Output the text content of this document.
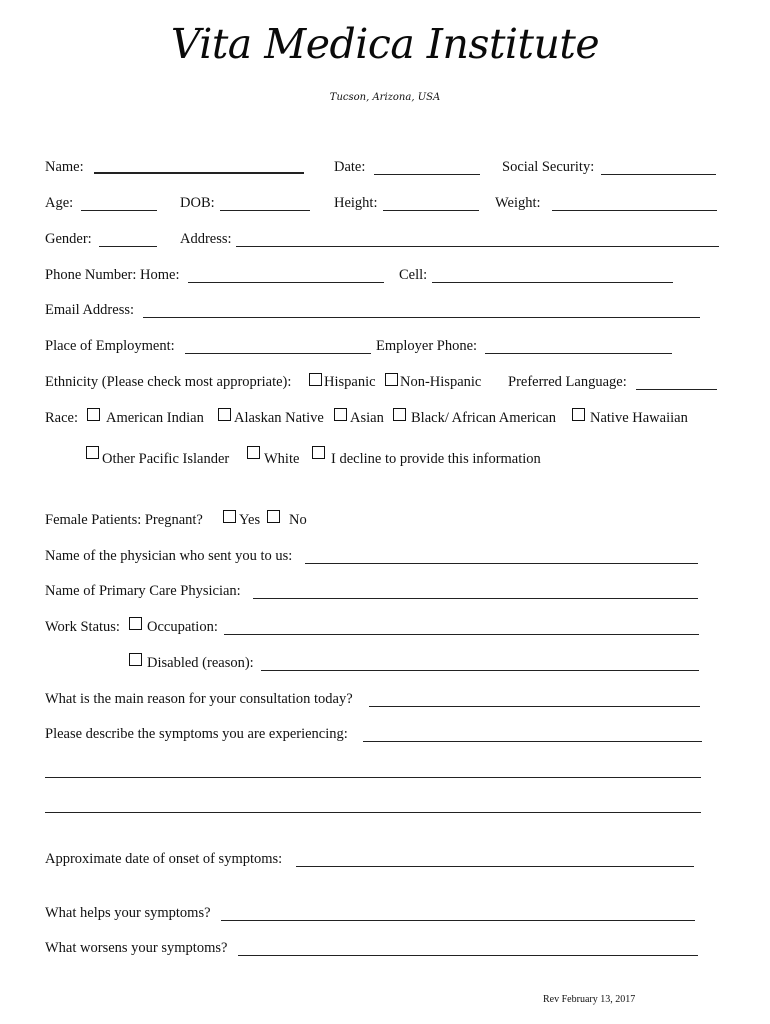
Vita Medica Institute
Tucson, Arizona, USA
Name:	Date:	Social Security:
Age:	DOB:	Height:	Weight:
Gender:	Address:
Phone Number: Home:	Cell:
Email Address:
Place of Employment:	Employer Phone:
Ethnicity (Please check most appropriate): Hispanic Non-Hispanic Preferred Language:
Race: American Indian Alaskan Native Asian Black/ African American Native Hawaiian
Other Pacific Islander White I decline to provide this information
Female Patients: Pregnant? Yes No
Name of the physician who sent you to us:
Name of Primary Care Physician:
Work Status: Occupation:
Disabled (reason):
What is the main reason for your consultation today?
Please describe the symptoms you are experiencing:
Approximate date of onset of symptoms:
What helps your symptoms?
What worsens your symptoms?
Rev February 13, 2017
